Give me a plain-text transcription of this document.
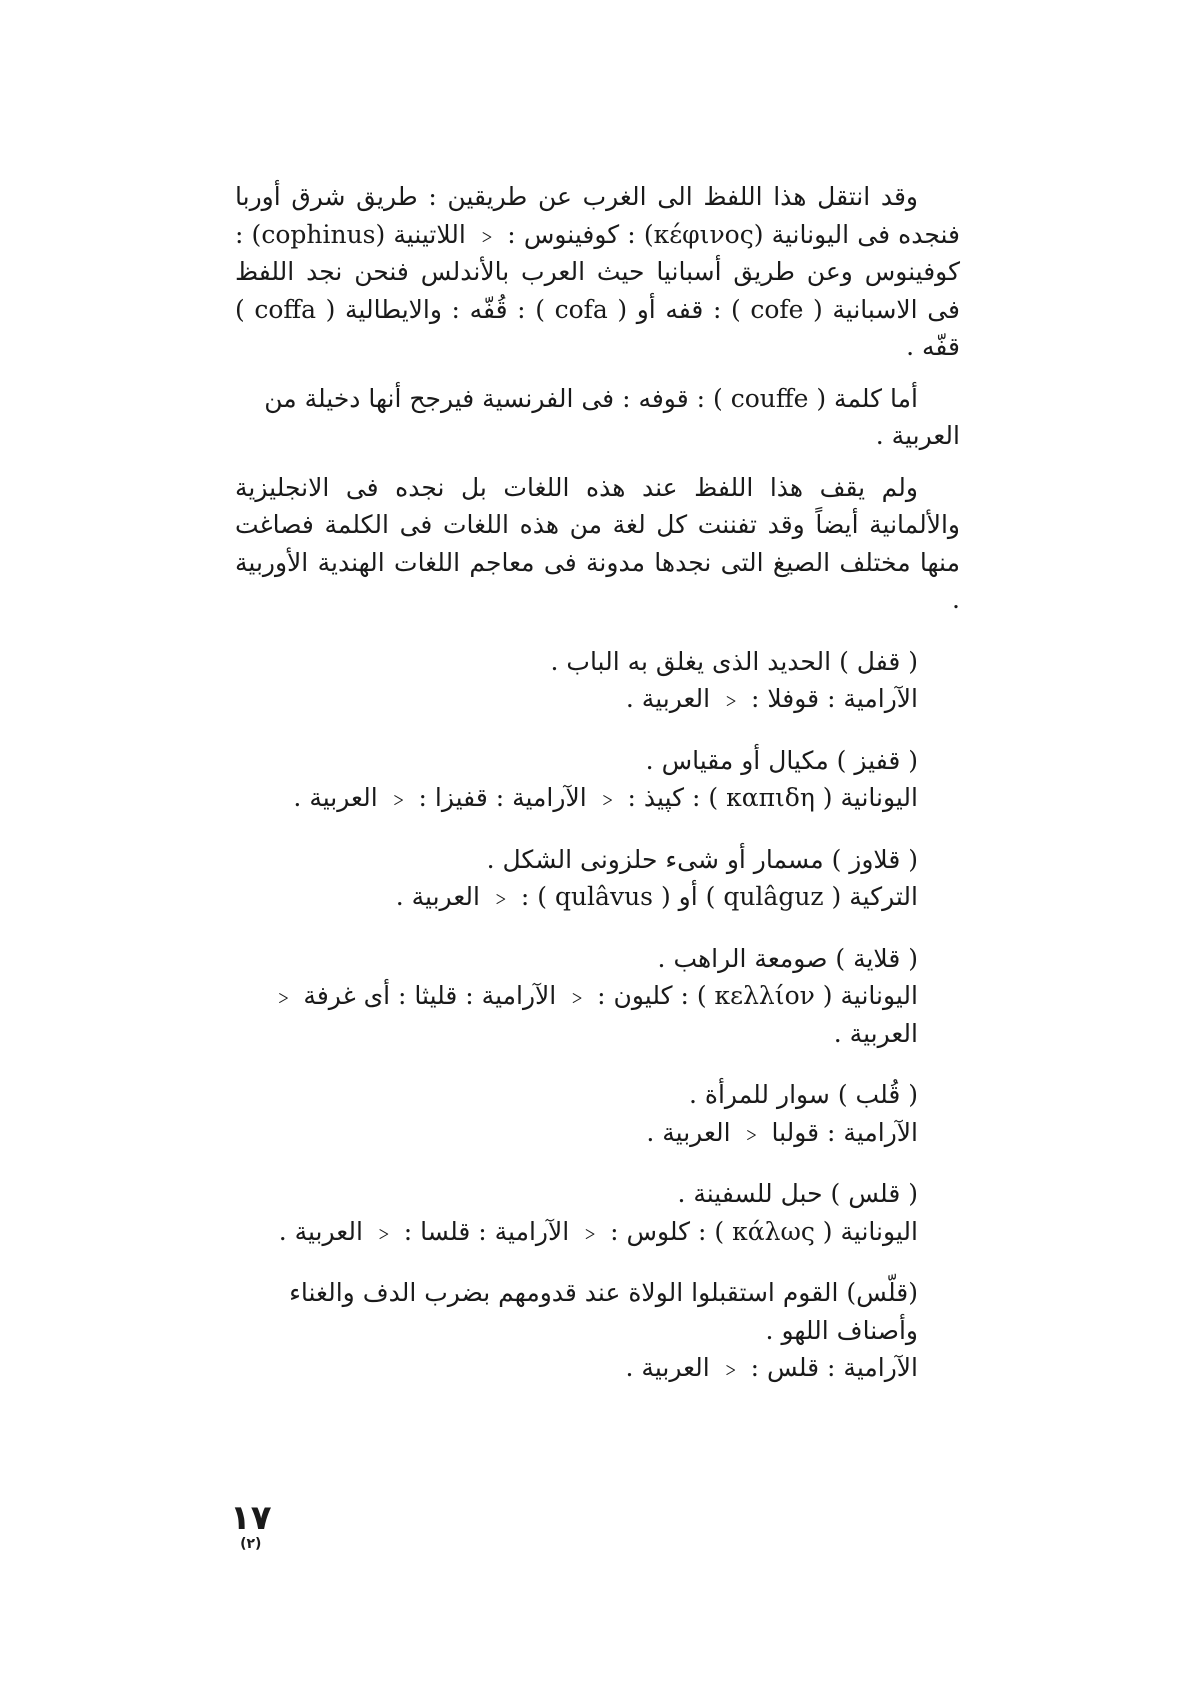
وقد انتقل هذا اللفظ الى الغرب عن طريقين : طريق شرق أوربا فنجده فى اليونانية (κέφινος) : كوفينوس : ﹤ اللاتينية (cophinus) : كوفينوس وعن طريق أسبانيا حيث العرب بالأندلس فنحن نجد اللفظ فى الاسبانية ( cofe ) : قفه أو ( cofa ) : قُفّه : والايطالية ( coffa ) قفّه .

أما كلمة ( couffe ) : قوفه : فى الفرنسية فيرجح أنها دخيلة من العربية .

ولم يقف هذا اللفظ عند هذه اللغات بل نجده فى الانجليزية والألمانية أيضاً وقد تفننت كل لغة من هذه اللغات فى الكلمة فصاغت منها مختلف الصيغ التى نجدها مدونة فى معاجم اللغات الهندية الأوربية .

( قفل ) الحديد الذى يغلق به الباب .
الآرامية : قوفلا : ﹤ العربية .
( قفيز ) مكيال أو مقياس .
اليونانية ( καπιδη ) : كپيذ : ﹤ الآرامية : قفيزا : ﹤ العربية .
( قلاوز ) مسمار أو شىء حلزونى الشكل .
التركية ( qulâguz ) أو ( qulâvus ) : ﹤ العربية .
( قلاية ) صومعة الراهب .
اليونانية ( κελλίον ) : كليون : ﹤ الآرامية : قليثا : أى غرفة ﹤ العربية .
( قُلب ) سوار للمرأة .
الآرامية : قولبا ﹤ العربية .
( قلس ) حبل للسفينة .
اليونانية ( κάλως ) : كلوس : ﹤ الآرامية : قلسا : ﹤ العربية .
(قلّس) القوم استقبلوا الولاة عند قدومهم بضرب الدف والغناء وأصناف اللهو .
الآرامية : قلس : ﹤ العربية .
١٧
(٢)
